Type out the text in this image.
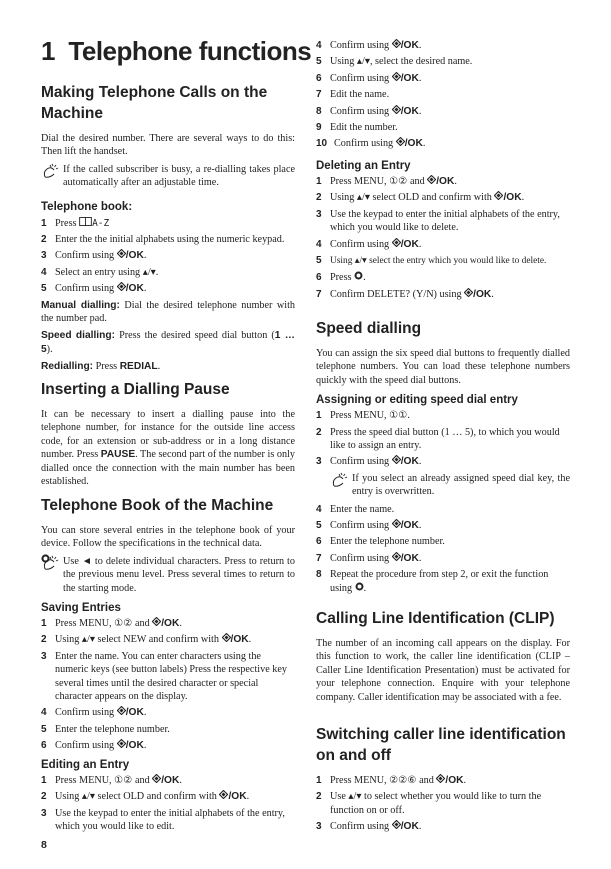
1 Telephone functions
Making Telephone Calls on the
Machine

Dial the desired number. There are several ways to do this: Then lift the handset.

If the called subscriber is busy, a re-dialling takes place automatically after an adjustable time.

Telephone book:
1 Press A-Z
2 Enter the the initial alphabets using the numeric keypad.
3 Confirm using /OK.
4 Select an entry using ▴/▾.
5 Confirm using /OK.

Manual dialling: Dial the desired telephone number with the number pad.

Speed dialling: Press the desired speed dial button (1 … 5).

Redialling: Press REDIAL.

Inserting a Dialling Pause

It can be necessary to insert a dialling pause into the telephone number, for instance for the outside line access code, for an extension or sub-address or in a long distance number. Press PAUSE. The second part of the number is only dialled once the connection with the main number has been established.

Telephone Book of the Machine

You can store several entries in the telephone book of your device. Follow the specifications in the technical data.

Use ◄ to delete individual characters. Press to return to the previous menu level. Press several times to return to the starting mode.

Saving Entries
1 Press MENU, ①② and /OK.
2 Using ▴/▾ select NEW and confirm with /OK.
3 Enter the name. You can enter characters using the numeric keys (see button labels) Press the respective key several times until the desired character or special character appears on the display.
4 Confirm using /OK.
5 Enter the telephone number.
6 Confirm using /OK.
Editing an Entry
1 Press MENU, ①② and /OK.
2 Using ▴/▾ select OLD and confirm with /OK.
3 Use the keypad to enter the initial alphabets of the entry, which you would like to edit.
4 Confirm using /OK.
5 Using ▴/▾, select the desired name.
6 Confirm using /OK.
7 Edit the name.
8 Confirm using /OK.
9 Edit the number.
10 Confirm using /OK.
Deleting an Entry
1 Press MENU, ①② and /OK.
2 Using ▴/▾ select OLD and confirm with /OK.
3 Use the keypad to enter the initial alphabets of the entry, which you would like to delete.
4 Confirm using /OK.
5 Using ▴/▾ select the entry which you would like to delete.
6 Press .
7 Confirm DELETE? (Y/N) using /OK.
Speed dialling

You can assign the six speed dial buttons to frequently dialled telephone numbers. You can load these telephone numbers quickly with the speed dial buttons.

Assigning or editing speed dial entry
1 Press MENU, ①①.
2 Press the speed dial button (1 … 5), to which you would like to assign an entry.
3 Confirm using /OK.

If you select an already assigned speed dial key, the entry is overwritten.

4 Enter the name.
5 Confirm using /OK.
6 Enter the telephone number.
7 Confirm using /OK.
8 Repeat the procedure from step 2, or exit the function using .
Calling Line Identification (CLIP)

The number of an incoming call appears on the display. For this function to work, the caller line identification (CLIP – Caller Line Identification Presentation) must be activated for your telephone connection. Enquire with your telephone company. Caller identification may be associated with a fee.

Switching caller line identification
on and off
1 Press MENU, ②②⑥ and /OK.
2 Use ▴/▾ to select whether you would like to turn the function on or off.
3 Confirm using /OK.
8
